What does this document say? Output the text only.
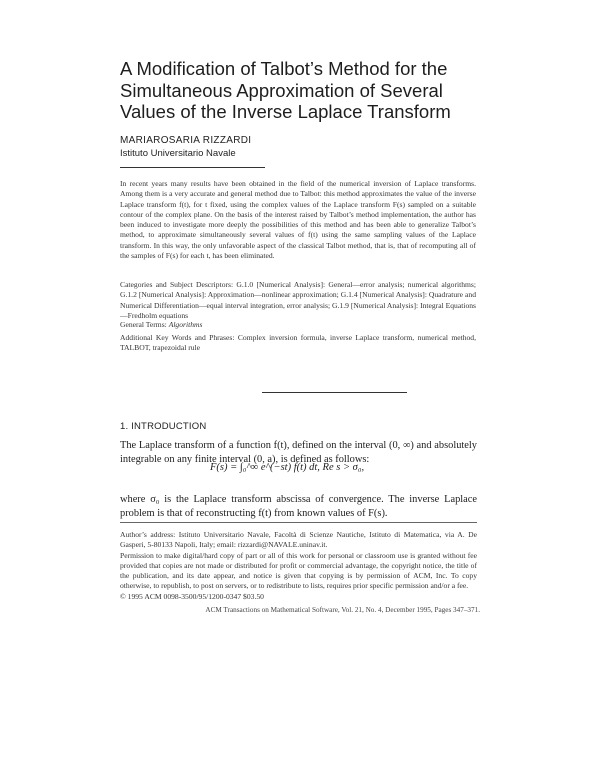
A Modification of Talbot’s Method for the Simultaneous Approximation of Several Values of the Inverse Laplace Transform
MARIAROSARIA RIZZARDI
Istituto Universitario Navale
In recent years many results have been obtained in the field of the numerical inversion of Laplace transforms. Among them is a very accurate and general method due to Talbot: this method approximates the value of the inverse Laplace transform f(t), for t fixed, using the complex values of the Laplace transform F(s) sampled on a suitable contour of the complex plane. On the basis of the interest raised by Talbot’s method implementation, the author has been induced to investigate more deeply the possibilities of this method and has been able to generalize Talbot’s method, to approximate simultaneously several values of f(t) using the same sampling values of the Laplace transform. In this way, the only unfavorable aspect of the classical Talbot method, that is, that of recomputing all of the samples of F(s) for each t, has been eliminated.
Categories and Subject Descriptors: G.1.0 [Numerical Analysis]: General—error analysis; numerical algorithms; G.1.2 [Numerical Analysis]: Approximation—nonlinear approximation; G.1.4 [Numerical Analysis]: Quadrature and Numerical Differentiation—equal interval integration, error analysis; G.1.9 [Numerical Analysis]: Integral Equations—Fredholm equations
General Terms: Algorithms
Additional Key Words and Phrases: Complex inversion formula, inverse Laplace transform, numerical method, TALBOT, trapezoidal rule
1. INTRODUCTION
The Laplace transform of a function f(t), defined on the interval (0, ∞) and absolutely integrable on any finite interval (0, a), is defined as follows:
F(s) = ∫₀^∞ e^(−st) f(t) dt, Re s > σ₀,
where σ₀ is the Laplace transform abscissa of convergence. The inverse Laplace problem is that of reconstructing f(t) from known values of F(s).
Author’s address: Istituto Universitario Navale, Facoltà di Scienze Nautiche, Istituto di Matematica, via A. De Gasperi, 5-80133 Napoli, Italy; email: rizzardi@NAVALE.uninav.it.
Permission to make digital/hard copy of part or all of this work for personal or classroom use is granted without fee provided that copies are not made or distributed for profit or commercial advantage, the copyright notice, the title of the publication, and its date appear, and notice is given that copying is by permission of ACM, Inc. To copy otherwise, to republish, to post on servers, or to redistribute to lists, requires prior specific permission and/or a fee.
© 1995 ACM 0098-3500/95/1200-0347 $03.50
ACM Transactions on Mathematical Software, Vol. 21, No. 4, December 1995, Pages 347–371.
